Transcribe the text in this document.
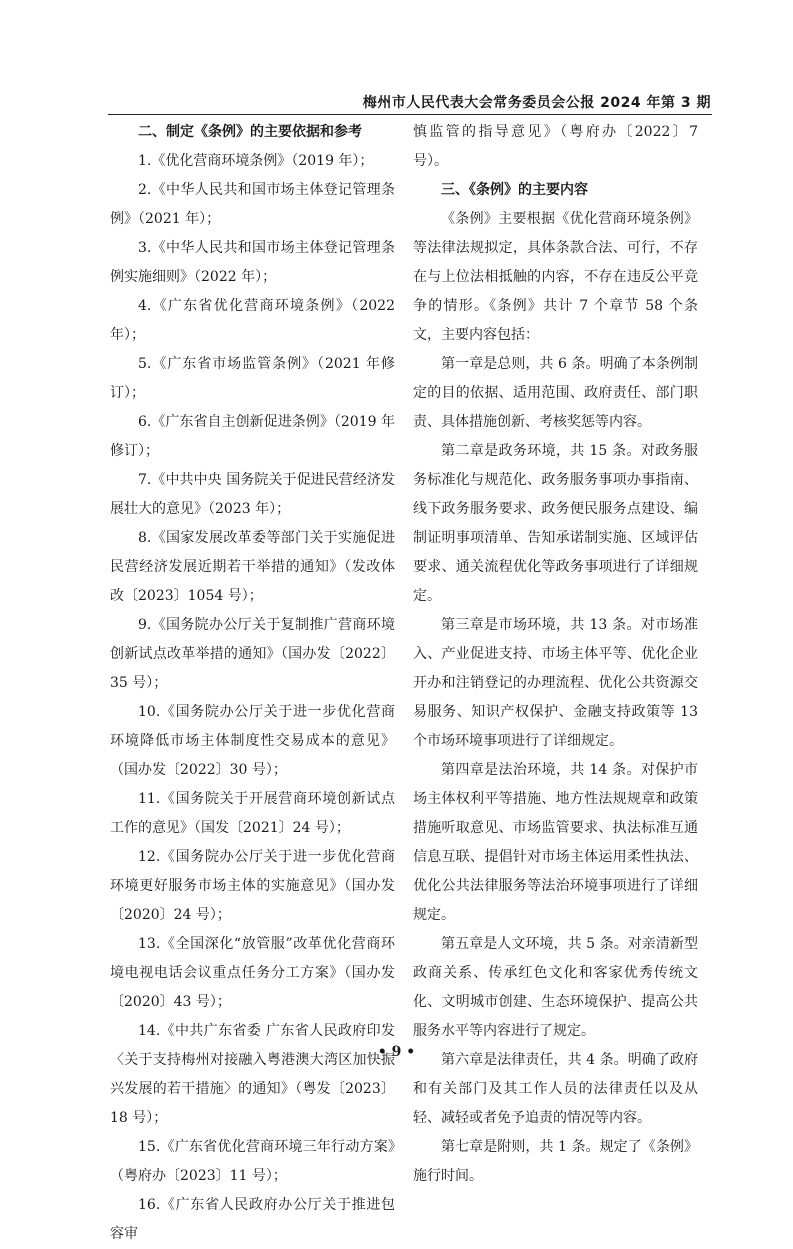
梅州市人民代表大会常务委员会公报 2024 年第 3 期
二、制定《条例》的主要依据和参考

1.《优化营商环境条例》（2019 年）；

2.《中华人民共和国市场主体登记管理条例》（2021 年）；

3.《中华人民共和国市场主体登记管理条例实施细则》（2022 年）；

4.《广东省优化营商环境条例》（2022 年）；

5.《广东省市场监管条例》（2021 年修订）；

6.《广东省自主创新促进条例》（2019 年修订）；

7.《中共中央 国务院关于促进民营经济发展壮大的意见》（2023 年）；

8.《国家发展改革委等部门关于实施促进民营经济发展近期若干举措的通知》（发改体改〔2023〕1054 号）；

9.《国务院办公厅关于复制推广营商环境创新试点改革举措的通知》（国办发〔2022〕35 号）；

10.《国务院办公厅关于进一步优化营商环境降低市场主体制度性交易成本的意见》（国办发〔2022〕30 号）；

11.《国务院关于开展营商环境创新试点工作的意见》（国发〔2021〕24 号）；

12.《国务院办公厅关于进一步优化营商环境更好服务市场主体的实施意见》（国办发〔2020〕24 号）；

13.《全国深化“放管服”改革优化营商环境电视电话会议重点任务分工方案》（国办发〔2020〕43 号）；

14.《中共广东省委 广东省人民政府印发〈关于支持梅州对接融入粤港澳大湾区加快振兴发展的若干措施〉的通知》（粤发〔2023〕18 号）；

15.《广东省优化营商环境三年行动方案》（粤府办〔2023〕11 号）；

16.《广东省人民政府办公厅关于推进包容审

慎监管的指导意见》（粤府办〔2022〕7 号）。

三、《条例》的主要内容

《条例》主要根据《优化营商环境条例》等法律法规拟定，具体条款合法、可行，不存在与上位法相抵触的内容，不存在违反公平竞争的情形。《条例》共计 7 个章节 58 个条文，主要内容包括：

第一章是总则，共 6 条。明确了本条例制定的目的依据、适用范围、政府责任、部门职责、具体措施创新、考核奖惩等内容。

第二章是政务环境，共 15 条。对政务服务标准化与规范化、政务服务事项办事指南、线下政务服务要求、政务便民服务点建设、编制证明事项清单、告知承诺制实施、区域评估要求、通关流程优化等政务事项进行了详细规定。

第三章是市场环境，共 13 条。对市场准入、产业促进支持、市场主体平等、优化企业开办和注销登记的办理流程、优化公共资源交易服务、知识产权保护、金融支持政策等 13 个市场环境事项进行了详细规定。

第四章是法治环境，共 14 条。对保护市场主体权利平等措施、地方性法规规章和政策措施听取意见、市场监管要求、执法标准互通信息互联、提倡针对市场主体运用柔性执法、优化公共法律服务等法治环境事项进行了详细规定。

第五章是人文环境，共 5 条。对亲清新型政商关系、传承红色文化和客家优秀传统文化、文明城市创建、生态环境保护、提高公共服务水平等内容进行了规定。

第六章是法律责任，共 4 条。明确了政府和有关部门及其工作人员的法律责任以及从轻、减轻或者免予追责的情况等内容。

第七章是附则，共 1 条。规定了《条例》施行时间。

• 9 •
